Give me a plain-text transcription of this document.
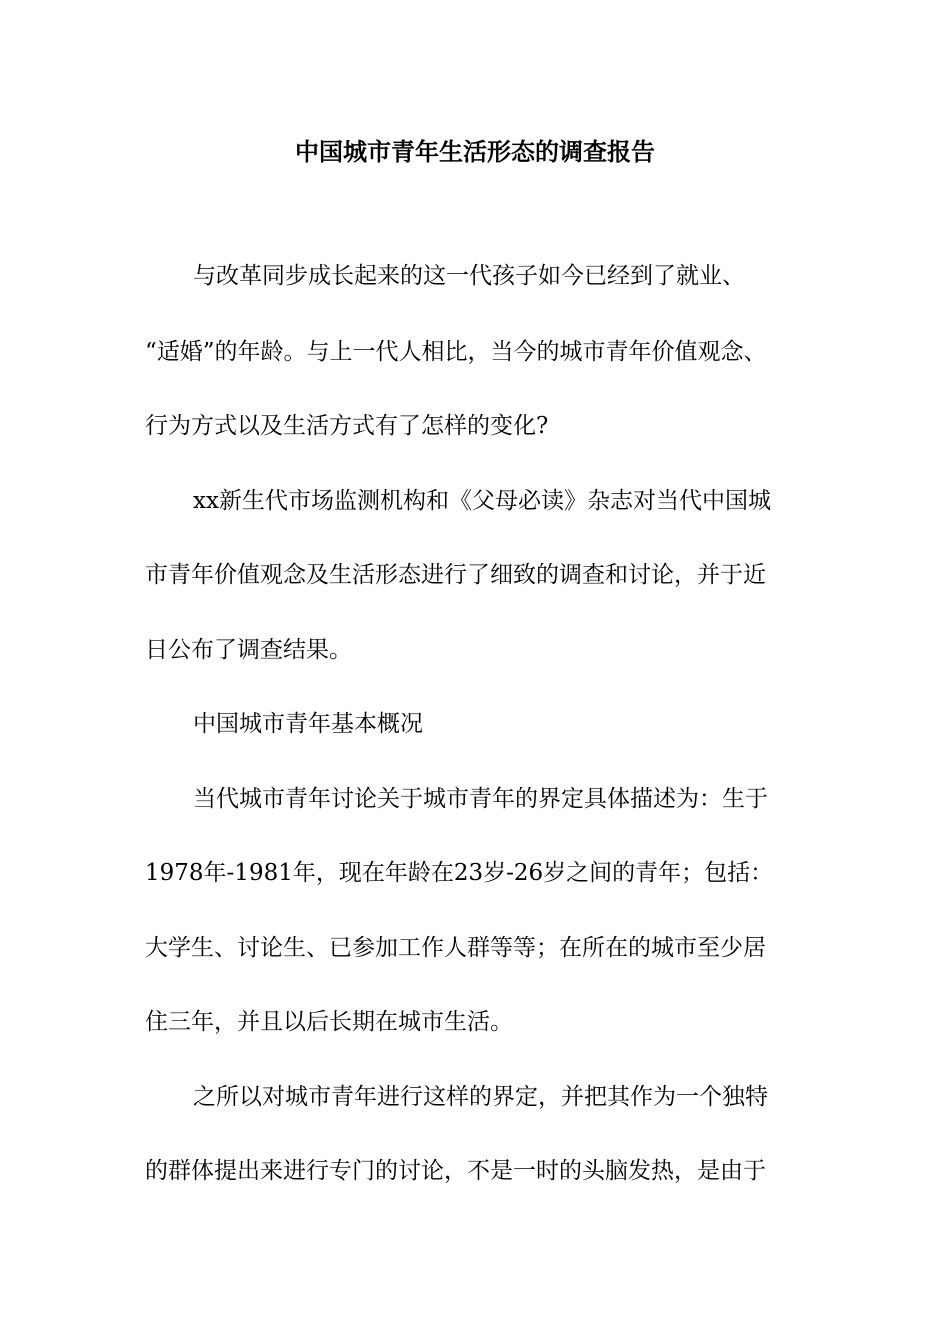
中国城市青年生活形态的调查报告
与改革同步成长起来的这一代孩子如今已经到了就业、
“适婚”的年龄。与上一代人相比，当今的城市青年价值观念、
行为方式以及生活方式有了怎样的变化?
xx新生代市场监测机构和《父母必读》杂志对当代中国城
市青年价值观念及生活形态进行了细致的调查和讨论，并于近
日公布了调查结果。
中国城市青年基本概况
当代城市青年讨论关于城市青年的界定具体描述为：生于
1978年-1981年，现在年龄在23岁-26岁之间的青年；包括：
大学生、讨论生、已参加工作人群等等；在所在的城市至少居
住三年，并且以后长期在城市生活。
之所以对城市青年进行这样的界定，并把其作为一个独特
的群体提出来进行专门的讨论，不是一时的头脑发热，是由于
